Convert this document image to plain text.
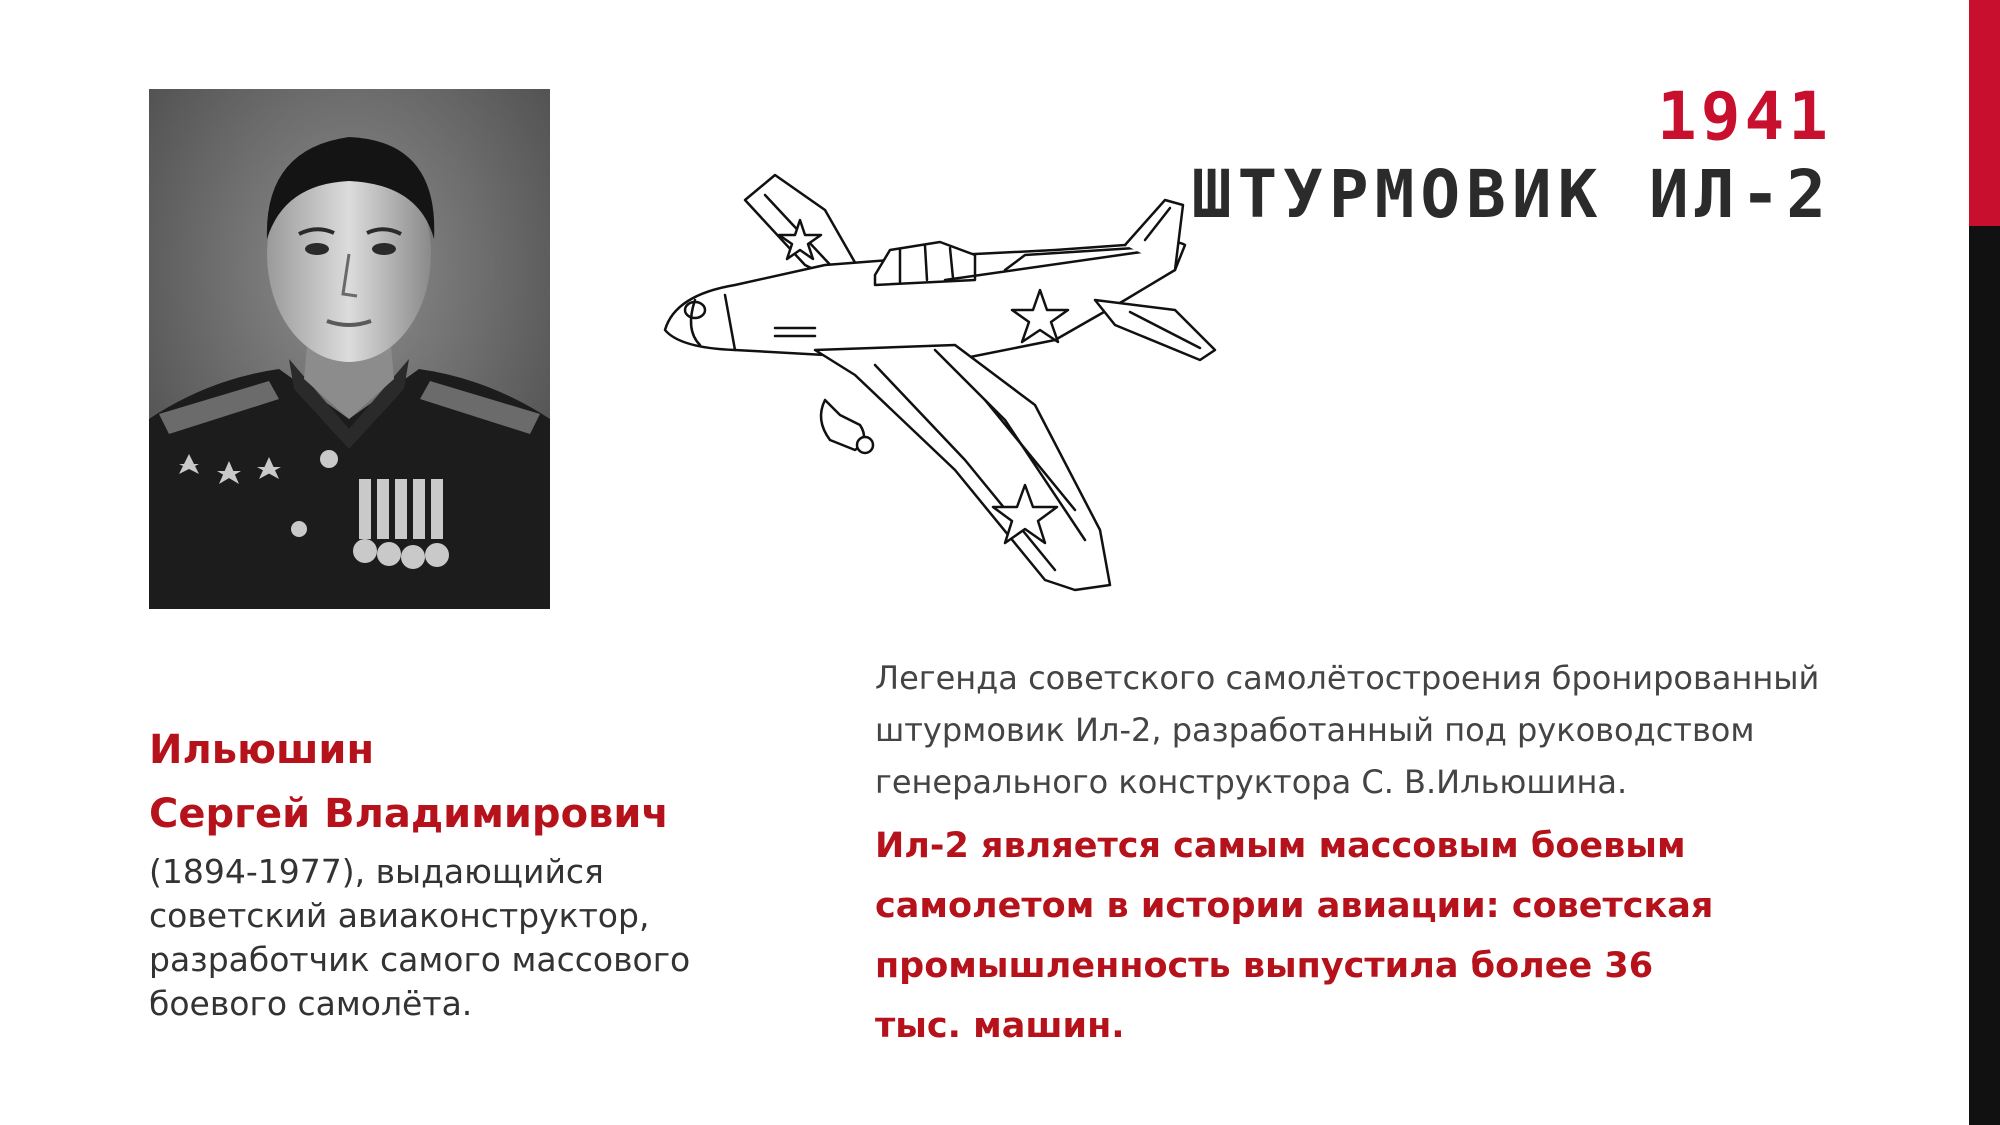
1941
ШТУРМОВИК ИЛ-2
Ильюшин
Сергей Владимирович
(1894-1977), выдающийся
советский авиаконструктор,
разработчик самого массового
боевого самолёта.
Легенда советского самолётостроения бронированный
штурмовик Ил-2, разработанный под руководством
генерального конструктора С. В.Ильюшина.
Ил-2 является самым массовым боевым
самолетом в истории авиации: советская
промышленность выпустила более 36
тыс. машин.
